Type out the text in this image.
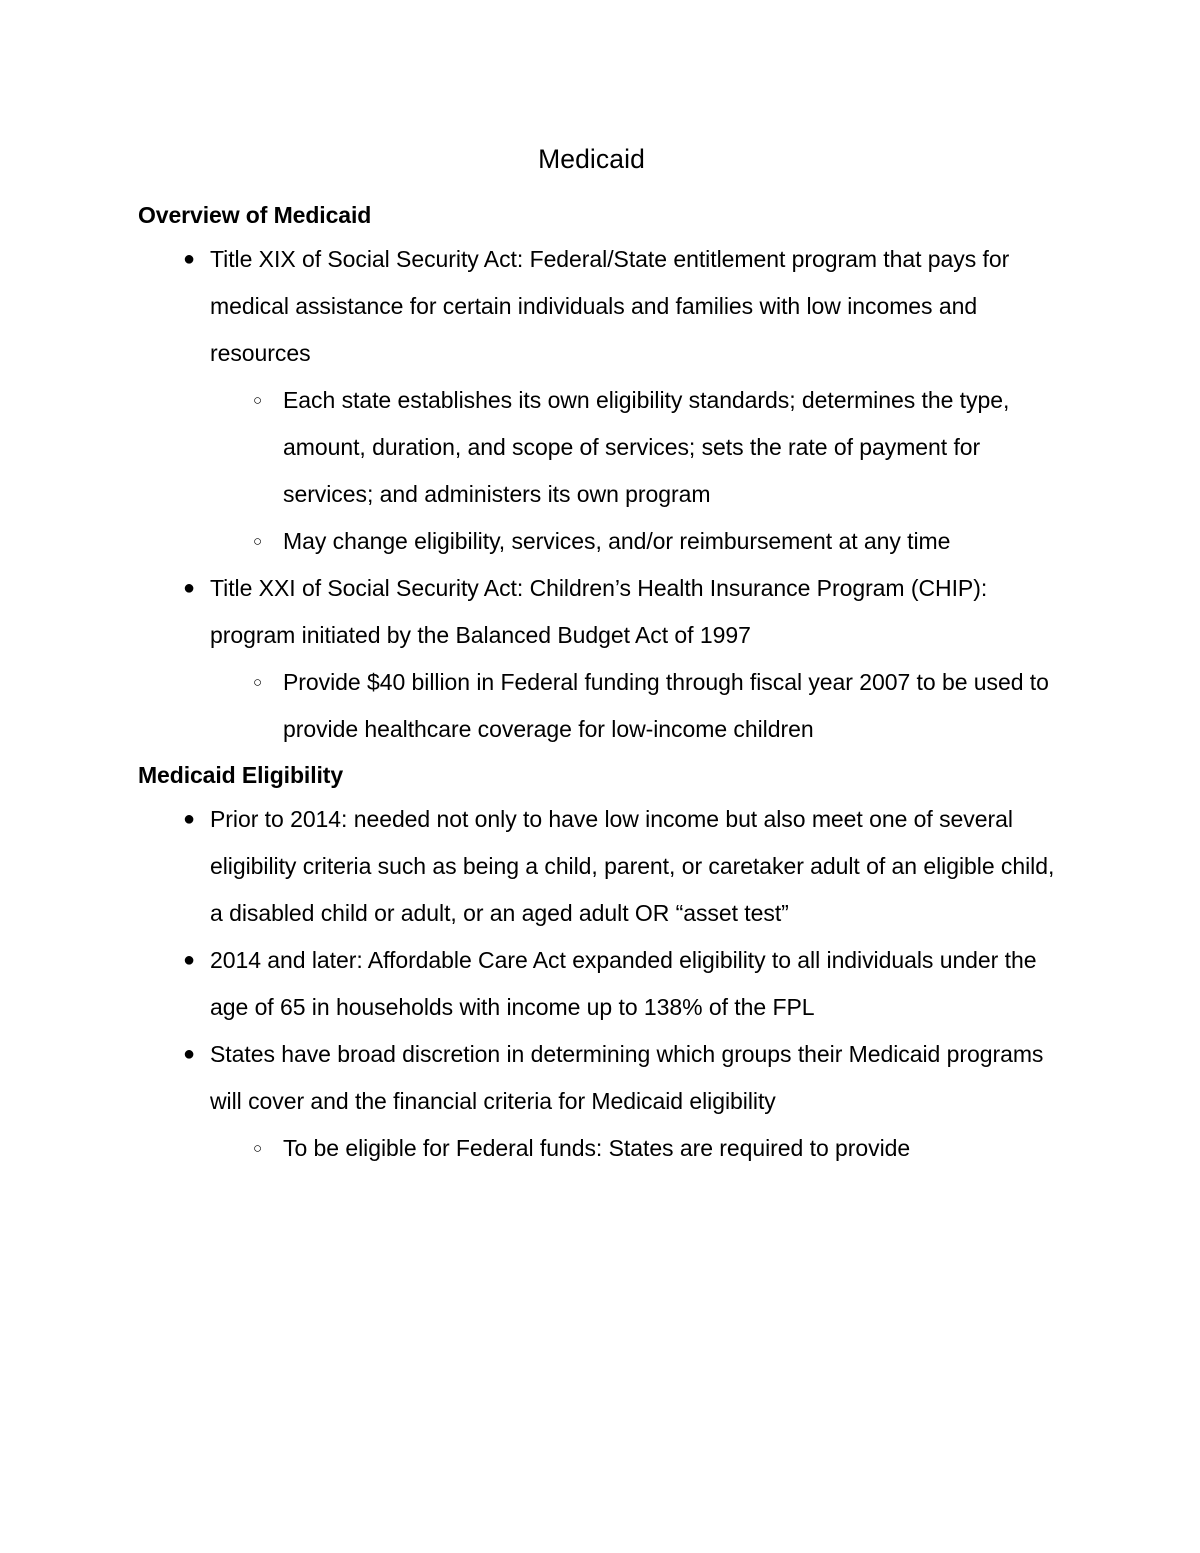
Medicaid
Overview of Medicaid
● Title XIX of Social Security Act: Federal/State entitlement program that pays for medical assistance for certain individuals and families with low incomes and resources
○ Each state establishes its own eligibility standards; determines the type, amount, duration, and scope of services; sets the rate of payment for services; and administers its own program
○ May change eligibility, services, and/or reimbursement at any time
● Title XXI of Social Security Act: Children’s Health Insurance Program (CHIP): program initiated by the Balanced Budget Act of 1997
○ Provide $40 billion in Federal funding through fiscal year 2007 to be used to provide healthcare coverage for low-income children
Medicaid Eligibility
● Prior to 2014: needed not only to have low income but also meet one of several eligibility criteria such as being a child, parent, or caretaker adult of an eligible child, a disabled child or adult, or an aged adult OR “asset test”
● 2014 and later: Affordable Care Act expanded eligibility to all individuals under the age of 65 in households with income up to 138% of the FPL
● States have broad discretion in determining which groups their Medicaid programs will cover and the financial criteria for Medicaid eligibility
○ To be eligible for Federal funds: States are required to provide
